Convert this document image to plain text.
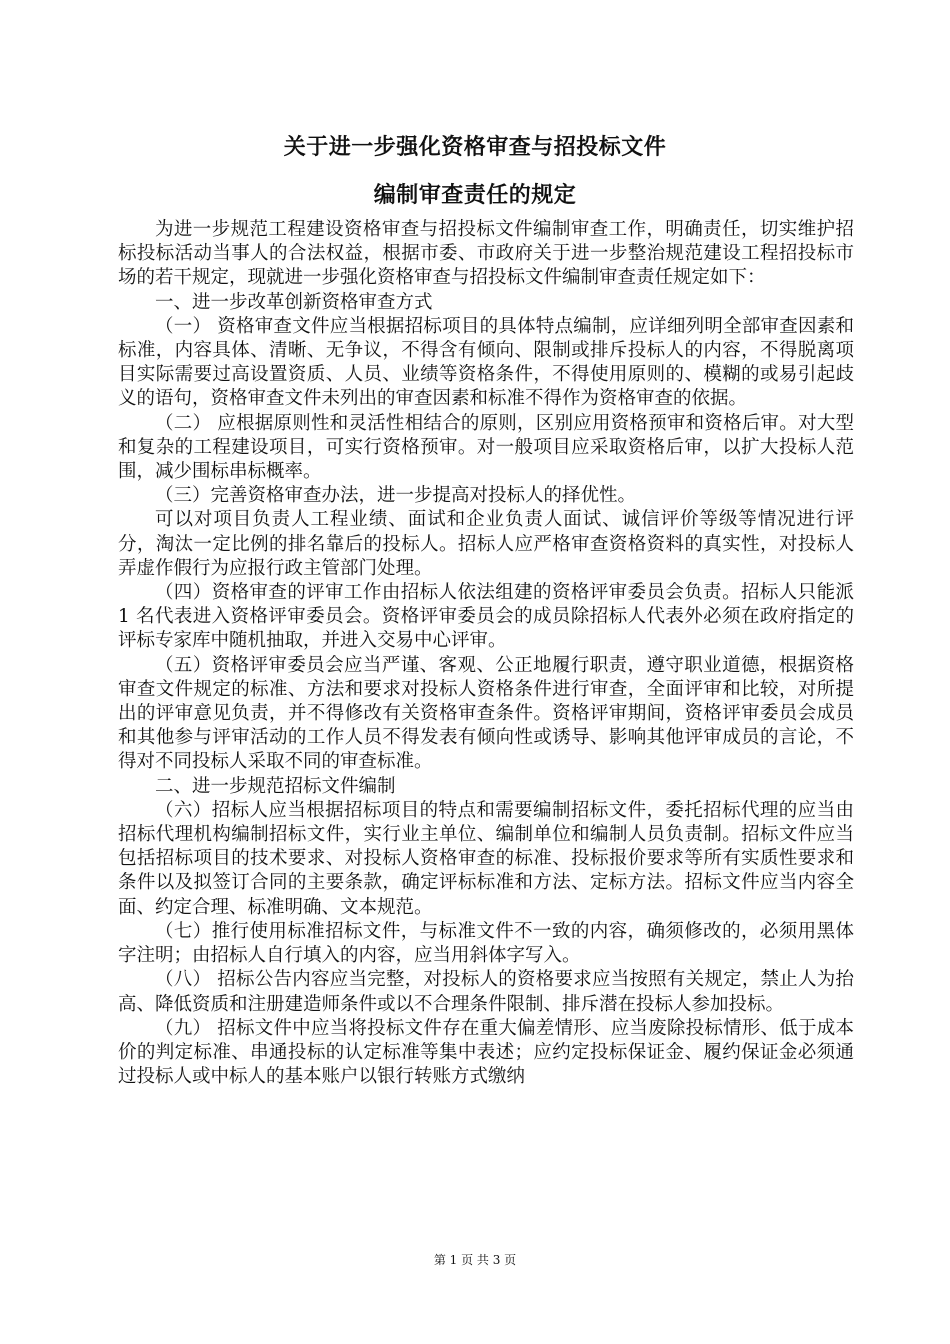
关于进一步强化资格审查与招投标文件
编制审查责任的规定

为进一步规范工程建设资格审查与招投标文件编制审查工作，明确责任，切实维护招标投标活动当事人的合法权益，根据市委、市政府关于进一步整治规范建设工程招投标市场的若干规定，现就进一步强化资格审查与招投标文件编制审查责任规定如下：

一、进一步改革创新资格审查方式

（一） 资格审查文件应当根据招标项目的具体特点编制，应详细列明全部审查因素和标准，内容具体、清晰、无争议，不得含有倾向、限制或排斥投标人的内容，不得脱离项目实际需要过高设置资质、人员、业绩等资格条件，不得使用原则的、模糊的或易引起歧义的语句，资格审查文件未列出的审查因素和标准不得作为资格审查的依据。

（二） 应根据原则性和灵活性相结合的原则，区别应用资格预审和资格后审。对大型和复杂的工程建设项目，可实行资格预审。对一般项目应采取资格后审，以扩大投标人范围，减少围标串标概率。

（三）完善资格审查办法，进一步提高对投标人的择优性。

可以对项目负责人工程业绩、面试和企业负责人面试、诚信评价等级等情况进行评分，淘汰一定比例的排名靠后的投标人。招标人应严格审查资格资料的真实性，对投标人弄虚作假行为应报行政主管部门处理。

（四）资格审查的评审工作由招标人依法组建的资格评审委员会负责。招标人只能派 1 名代表进入资格评审委员会。资格评审委员会的成员除招标人代表外必须在政府指定的评标专家库中随机抽取，并进入交易中心评审。

（五）资格评审委员会应当严谨、客观、公正地履行职责，遵守职业道德，根据资格审查文件规定的标准、方法和要求对投标人资格条件进行审查，全面评审和比较，对所提出的评审意见负责，并不得修改有关资格审查条件。资格评审期间，资格评审委员会成员和其他参与评审活动的工作人员不得发表有倾向性或诱导、影响其他评审成员的言论，不得对不同投标人采取不同的审查标准。

二、进一步规范招标文件编制

（六）招标人应当根据招标项目的特点和需要编制招标文件，委托招标代理的应当由招标代理机构编制招标文件，实行业主单位、编制单位和编制人员负责制。招标文件应当包括招标项目的技术要求、对投标人资格审查的标准、投标报价要求等所有实质性要求和条件以及拟签订合同的主要条款，确定评标标准和方法、定标方法。招标文件应当内容全面、约定合理、标准明确、文本规范。

（七）推行使用标准招标文件，与标准文件不一致的内容，确须修改的，必须用黑体字注明；由招标人自行填入的内容，应当用斜体字写入。

（八） 招标公告内容应当完整，对投标人的资格要求应当按照有关规定，禁止人为抬高、降低资质和注册建造师条件或以不合理条件限制、排斥潜在投标人参加投标。

（九） 招标文件中应当将投标文件存在重大偏差情形、应当废除投标情形、低于成本价的判定标准、串通投标的认定标准等集中表述；应约定投标保证金、履约保证金必须通过投标人或中标人的基本账户以银行转账方式缴纳

第 1 页 共 3 页
